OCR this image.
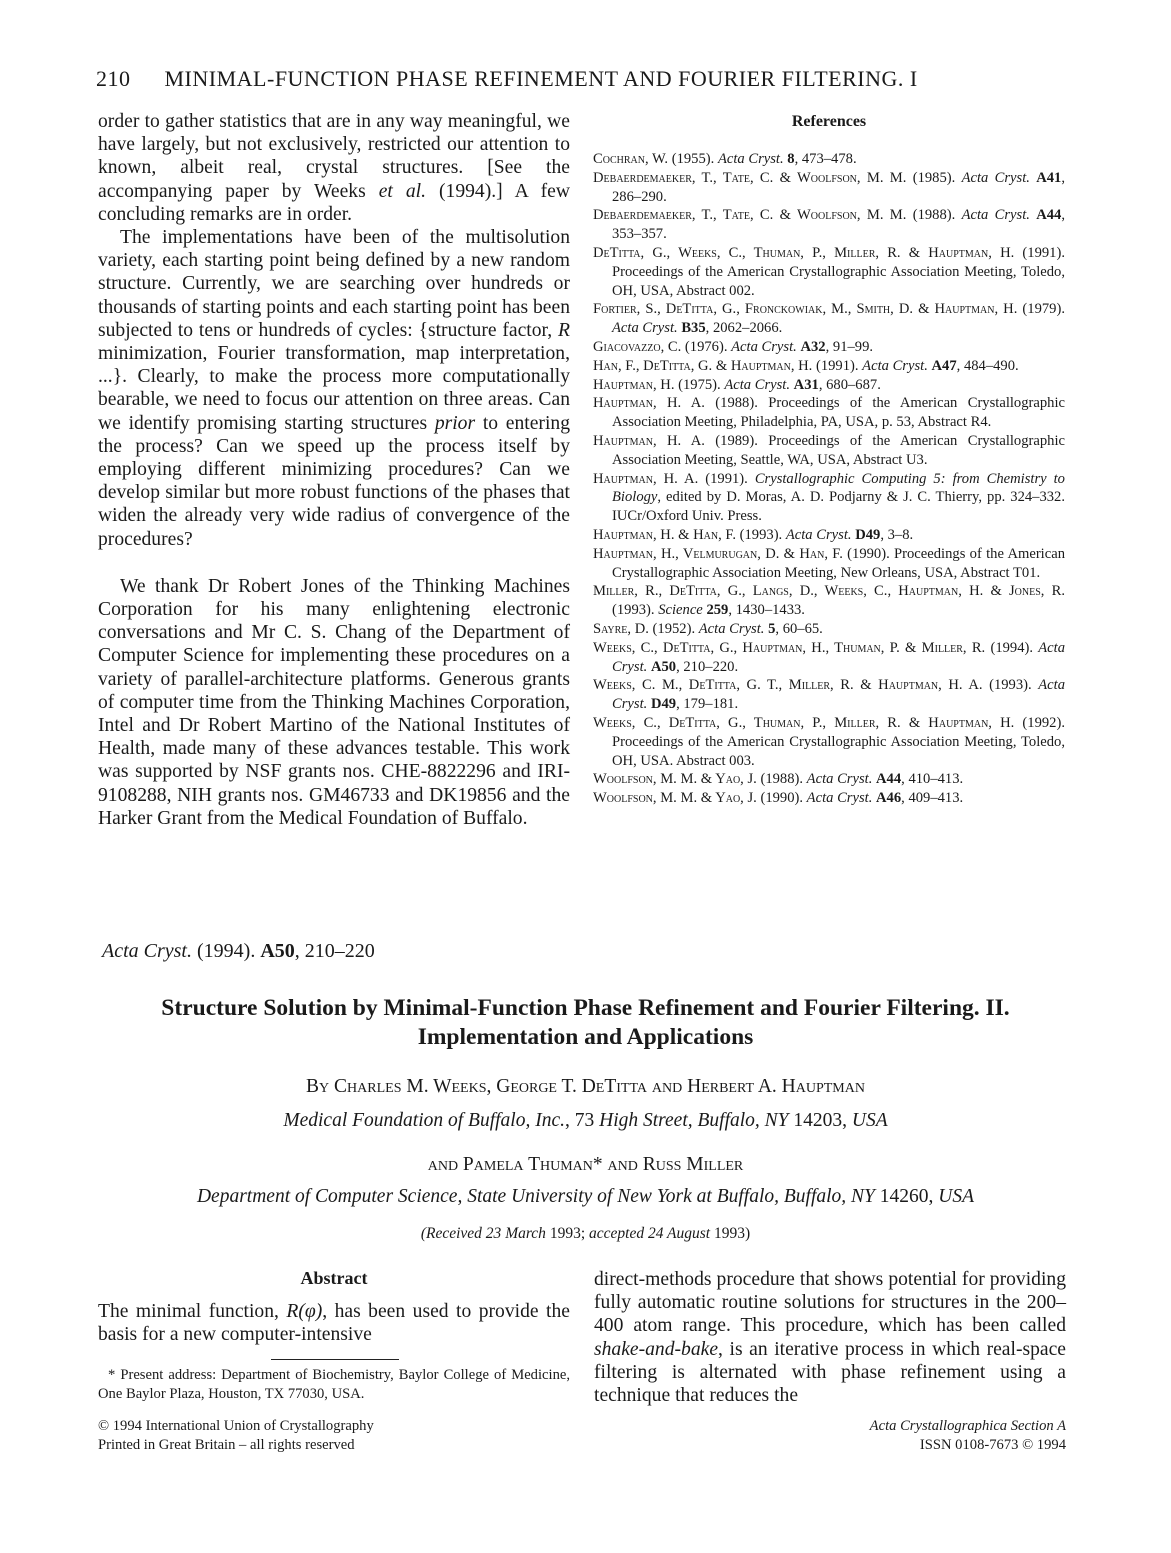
210 MINIMAL-FUNCTION PHASE REFINEMENT AND FOURIER FILTERING. I

order to gather statistics that are in any way meaningful, we have largely, but not exclusively, restricted our attention to known, albeit real, crystal structures. [See the accompanying paper by Weeks et al. (1994).] A few concluding remarks are in order.

The implementations have been of the multisolution variety, each starting point being defined by a new random structure. Currently, we are searching over hundreds or thousands of starting points and each starting point has been subjected to tens or hundreds of cycles: {structure factor, R minimization, Fourier transformation, map interpretation, ...}. Clearly, to make the process more computationally bearable, we need to focus our attention on three areas. Can we identify promising starting structures prior to entering the process? Can we speed up the process itself by employing different minimizing procedures? Can we develop similar but more robust functions of the phases that widen the already very wide radius of convergence of the procedures?

We thank Dr Robert Jones of the Thinking Machines Corporation for his many enlightening electronic conversations and Mr C. S. Chang of the Department of Computer Science for implementing these procedures on a variety of parallel-architecture platforms. Generous grants of computer time from the Thinking Machines Corporation, Intel and Dr Robert Martino of the National Institutes of Health, made many of these advances testable. This work was supported by NSF grants nos. CHE-8822296 and IRI-9108288, NIH grants nos. GM46733 and DK19856 and the Harker Grant from the Medical Foundation of Buffalo.

References

Cochran, W. (1955). Acta Cryst. 8, 473–478.

Debaerdemaeker, T., Tate, C. & Woolfson, M. M. (1985). Acta Cryst. A41, 286–290.

Debaerdemaeker, T., Tate, C. & Woolfson, M. M. (1988). Acta Cryst. A44, 353–357.

DeTitta, G., Weeks, C., Thuman, P., Miller, R. & Hauptman, H. (1991). Proceedings of the American Crystallographic Association Meeting, Toledo, OH, USA, Abstract 002.

Fortier, S., DeTitta, G., Fronckowiak, M., Smith, D. & Hauptman, H. (1979). Acta Cryst. B35, 2062–2066.

Giacovazzo, C. (1976). Acta Cryst. A32, 91–99.

Han, F., DeTitta, G. & Hauptman, H. (1991). Acta Cryst. A47, 484–490.

Hauptman, H. (1975). Acta Cryst. A31, 680–687.

Hauptman, H. A. (1988). Proceedings of the American Crystallographic Association Meeting, Philadelphia, PA, USA, p. 53, Abstract R4.

Hauptman, H. A. (1989). Proceedings of the American Crystallographic Association Meeting, Seattle, WA, USA, Abstract U3.

Hauptman, H. A. (1991). Crystallographic Computing 5: from Chemistry to Biology, edited by D. Moras, A. D. Podjarny & J. C. Thierry, pp. 324–332. IUCr/Oxford Univ. Press.

Hauptman, H. & Han, F. (1993). Acta Cryst. D49, 3–8.

Hauptman, H., Velmurugan, D. & Han, F. (1990). Proceedings of the American Crystallographic Association Meeting, New Orleans, USA, Abstract T01.

Miller, R., DeTitta, G., Langs, D., Weeks, C., Hauptman, H. & Jones, R. (1993). Science 259, 1430–1433.

Sayre, D. (1952). Acta Cryst. 5, 60–65.

Weeks, C., DeTitta, G., Hauptman, H., Thuman, P. & Miller, R. (1994). Acta Cryst. A50, 210–220.

Weeks, C. M., DeTitta, G. T., Miller, R. & Hauptman, H. A. (1993). Acta Cryst. D49, 179–181.

Weeks, C., DeTitta, G., Thuman, P., Miller, R. & Hauptman, H. (1992). Proceedings of the American Crystallographic Association Meeting, Toledo, OH, USA. Abstract 003.

Woolfson, M. M. & Yao, J. (1988). Acta Cryst. A44, 410–413.

Woolfson, M. M. & Yao, J. (1990). Acta Cryst. A46, 409–413.

Acta Cryst. (1994). A50, 210–220
Structure Solution by Minimal-Function Phase Refinement and Fourier Filtering. II.
Implementation and Applications
By Charles M. Weeks, George T. DeTitta and Herbert A. Hauptman
Medical Foundation of Buffalo, Inc., 73 High Street, Buffalo, NY 14203, USA
and Pamela Thuman* and Russ Miller
Department of Computer Science, State University of New York at Buffalo, Buffalo, NY 14260, USA
(Received 23 March 1993; accepted 24 August 1993)
Abstract
The minimal function, R(φ), has been used to provide the basis for a new computer-intensive
direct-methods procedure that shows potential for providing fully automatic routine solutions for structures in the 200–400 atom range. This procedure, which has been called shake-and-bake, is an iterative process in which real-space filtering is alternated with phase refinement using a technique that reduces the
* Present address: Department of Biochemistry, Baylor College of Medicine, One Baylor Plaza, Houston, TX 77030, USA.
© 1994 International Union of Crystallography
Printed in Great Britain – all rights reserved
Acta Crystallographica Section A
ISSN 0108-7673 © 1994
